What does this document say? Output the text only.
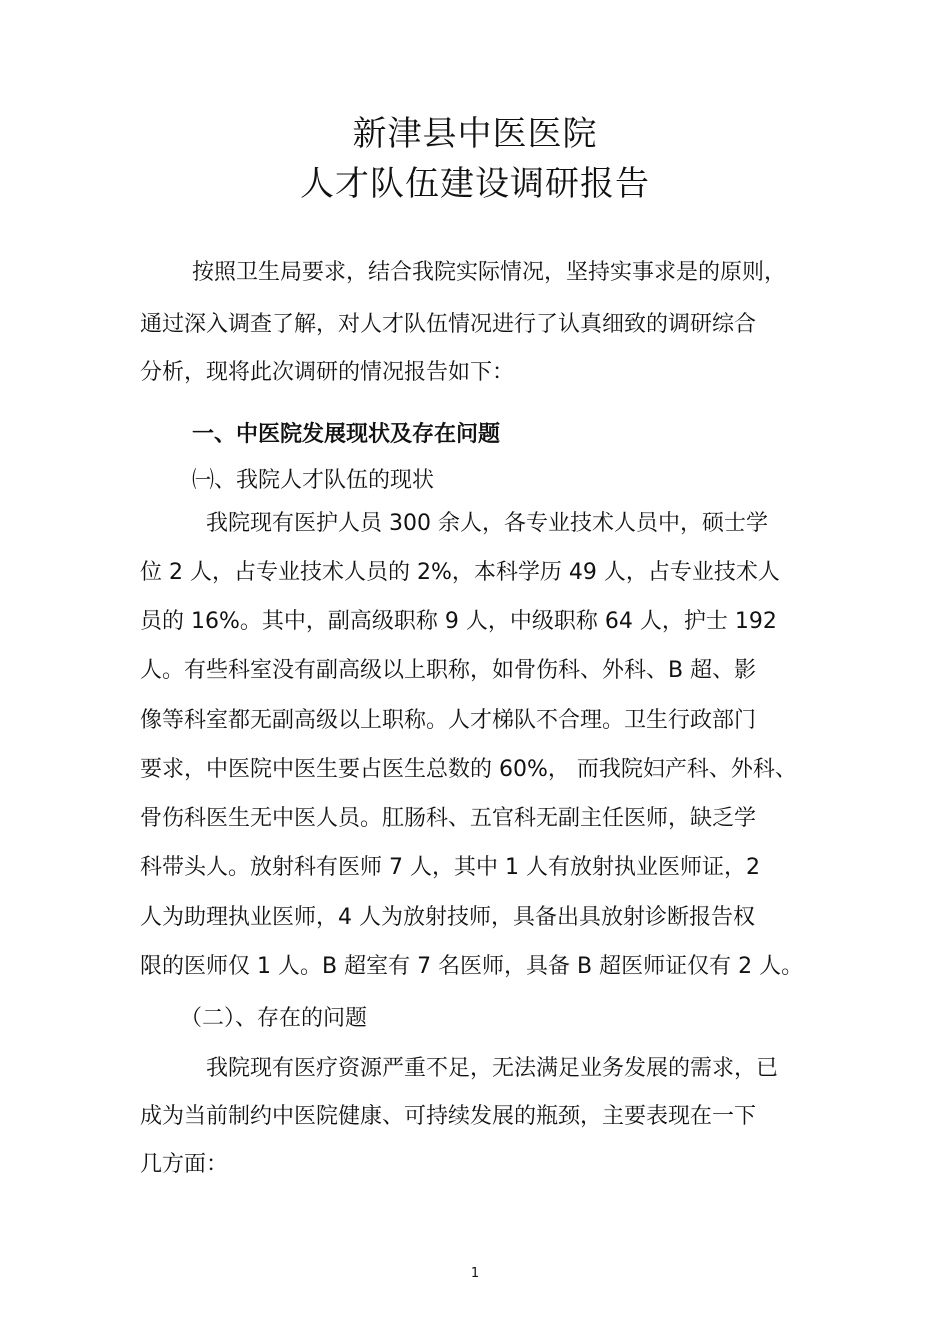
新津县中医医院
人才队伍建设调研报告
按照卫生局要求，结合我院实际情况，坚持实事求是的原则，
通过深入调查了解，对人才队伍情况进行了认真细致的调研综合
分析，现将此次调研的情况报告如下：
一、中医院发展现状及存在问题
㈠、我院人才队伍的现状
我院现有医护人员 300 余人，各专业技术人员中，硕士学
位 2 人，占专业技术人员的 2%，本科学历 49 人，占专业技术人
员的 16%。其中，副高级职称 9 人，中级职称 64 人，护士 192
人。有些科室没有副高级以上职称，如骨伤科、外科、B 超、影
像等科室都无副高级以上职称。人才梯队不合理。卫生行政部门
要求，中医院中医生要占医生总数的 60%， 而我院妇产科、外科、
骨伤科医生无中医人员。肛肠科、五官科无副主任医师，缺乏学
科带头人。放射科有医师 7 人，其中 1 人有放射执业医师证，2
人为助理执业医师，4 人为放射技师，具备出具放射诊断报告权
限的医师仅 1 人。B 超室有 7 名医师，具备 B 超医师证仅有 2 人。
（二）、存在的问题
我院现有医疗资源严重不足，无法满足业务发展的需求，已
成为当前制约中医院健康、可持续发展的瓶颈，主要表现在一下
几方面：
1
